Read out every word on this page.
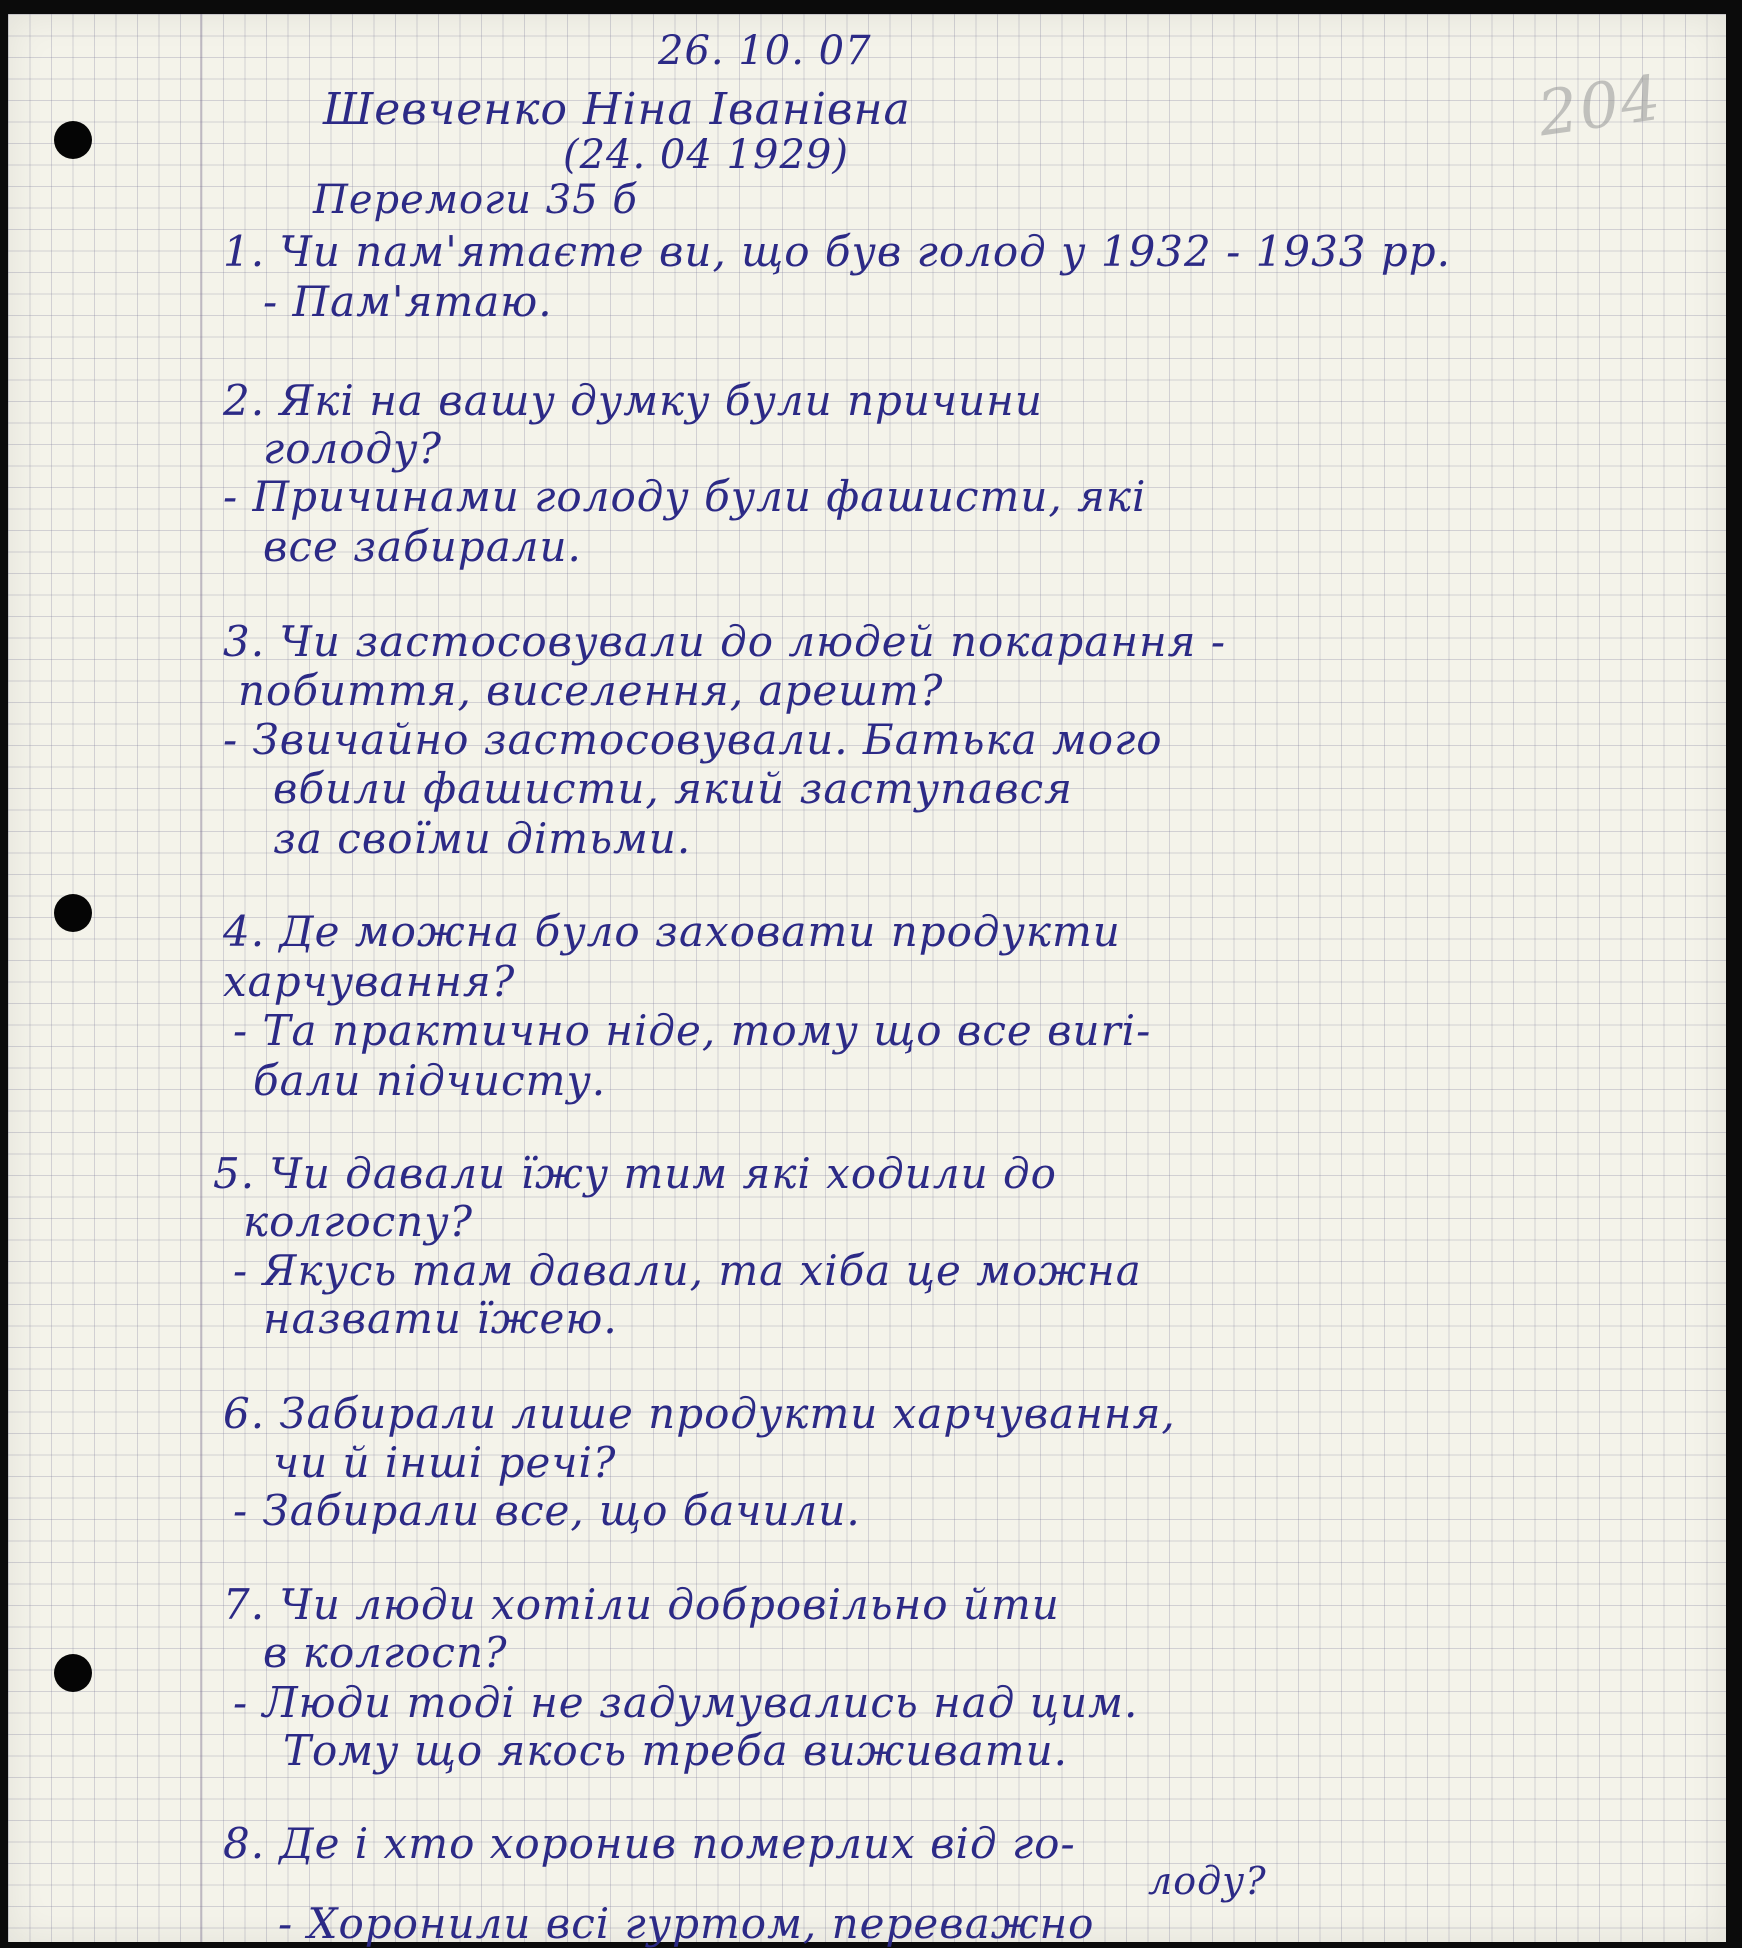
204
26. 10. 07
Шевченко Ніна Іванівна
(24. 04 1929)
Перемоги 35 б
1. Чи пам'ятаєте ви, що був голод у 1932 - 1933 рр.
- Пам'ятаю.
2. Які на вашу думку були причини
голоду?
- Причинами голоду були фашисти, які
все забирали.
3. Чи застосовували до людей покарання -
побиття, виселення, арешт?
- Звичайно застосовували. Батька мого
вбили фашисти, який заступався
за своїми дітьми.
4. Де можна було заховати продукти
харчування?
- Та практично ніде, тому що все виri-
бали підчисту.
5. Чи давали їжу тим які ходили до
колгоспу?
- Якусь там давали, та хіба це можна
назвати їжею.
6. Забирали лише продукти харчування,
чи й інші речі?
- Забирали все, що бачили.
7. Чи люди хотіли добровільно йти
в колгосп?
- Люди тоді не задумувались над цим.
Тому що якось треба виживати.
8. Де і хто хоронив померлих від го-
лоду?
- Хоронили всі гуртом, переважно
